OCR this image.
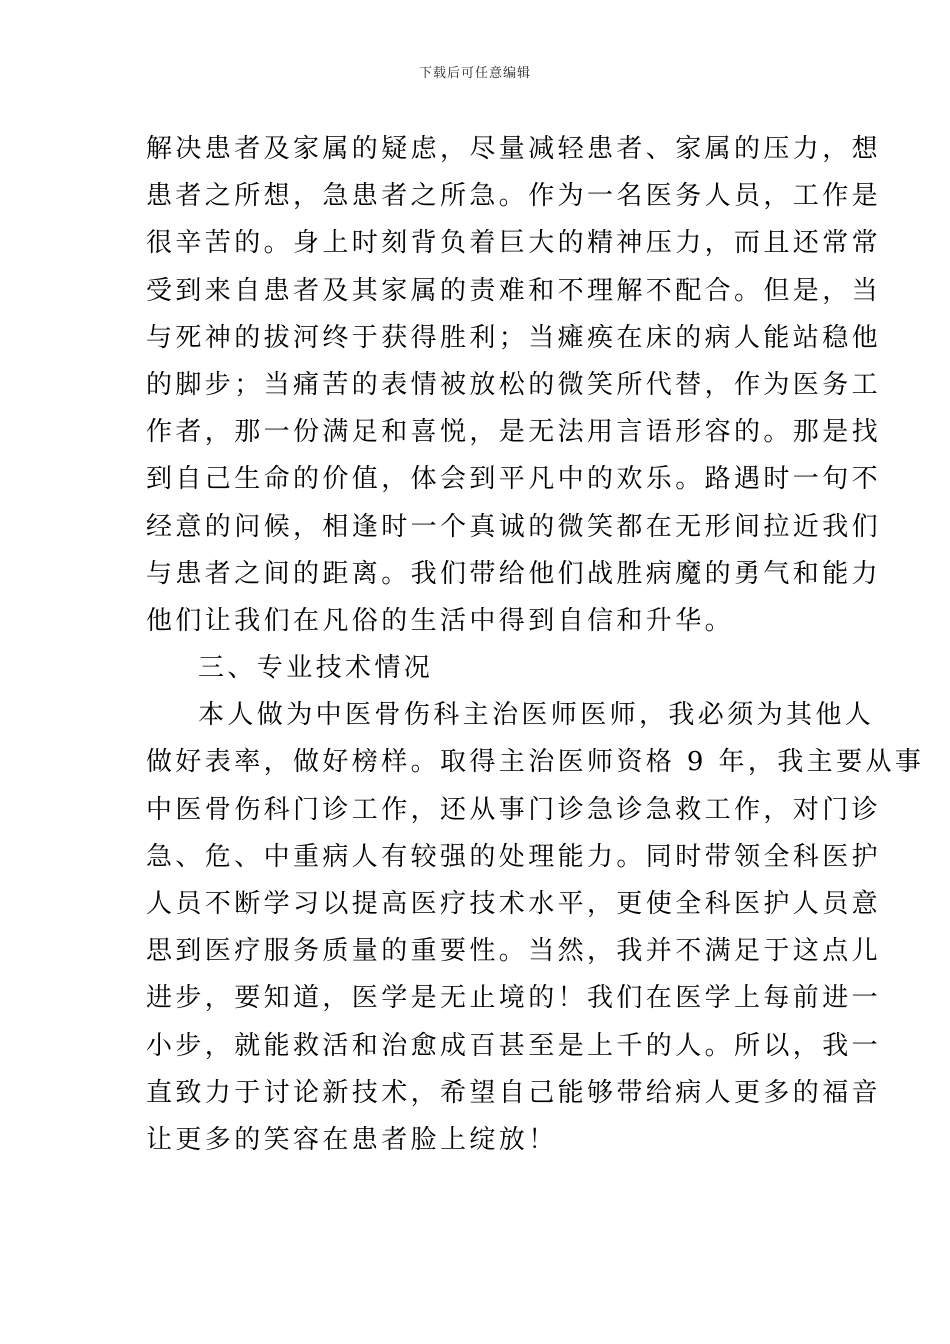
下载后可任意编辑
解决患者及家属的疑虑，尽量减轻患者、家属的压力，想
患者之所想，急患者之所急。作为一名医务人员，工作是
很辛苦的。身上时刻背负着巨大的精神压力，而且还常常
受到来自患者及其家属的责难和不理解不配合。但是，当
与死神的拔河终于获得胜利；当瘫痪在床的病人能站稳他
的脚步；当痛苦的表情被放松的微笑所代替，作为医务工
作者，那一份满足和喜悦，是无法用言语形容的。那是找
到自己生命的价值，体会到平凡中的欢乐。路遇时一句不
经意的问候，相逢时一个真诚的微笑都在无形间拉近我们
与患者之间的距离。我们带给他们战胜病魔的勇气和能力
他们让我们在凡俗的生活中得到自信和升华。
三、专业技术情况
本人做为中医骨伤科主治医师医师，我必须为其他人
做好表率，做好榜样。取得主治医师资格 9 年，我主要从事
中医骨伤科门诊工作，还从事门诊急诊急救工作，对门诊
急、危、中重病人有较强的处理能力。同时带领全科医护
人员不断学习以提高医疗技术水平，更使全科医护人员意
思到医疗服务质量的重要性。当然，我并不满足于这点儿
进步，要知道，医学是无止境的！我们在医学上每前进一
小步，就能救活和治愈成百甚至是上千的人。所以，我一
直致力于讨论新技术，希望自己能够带给病人更多的福音
让更多的笑容在患者脸上绽放！
